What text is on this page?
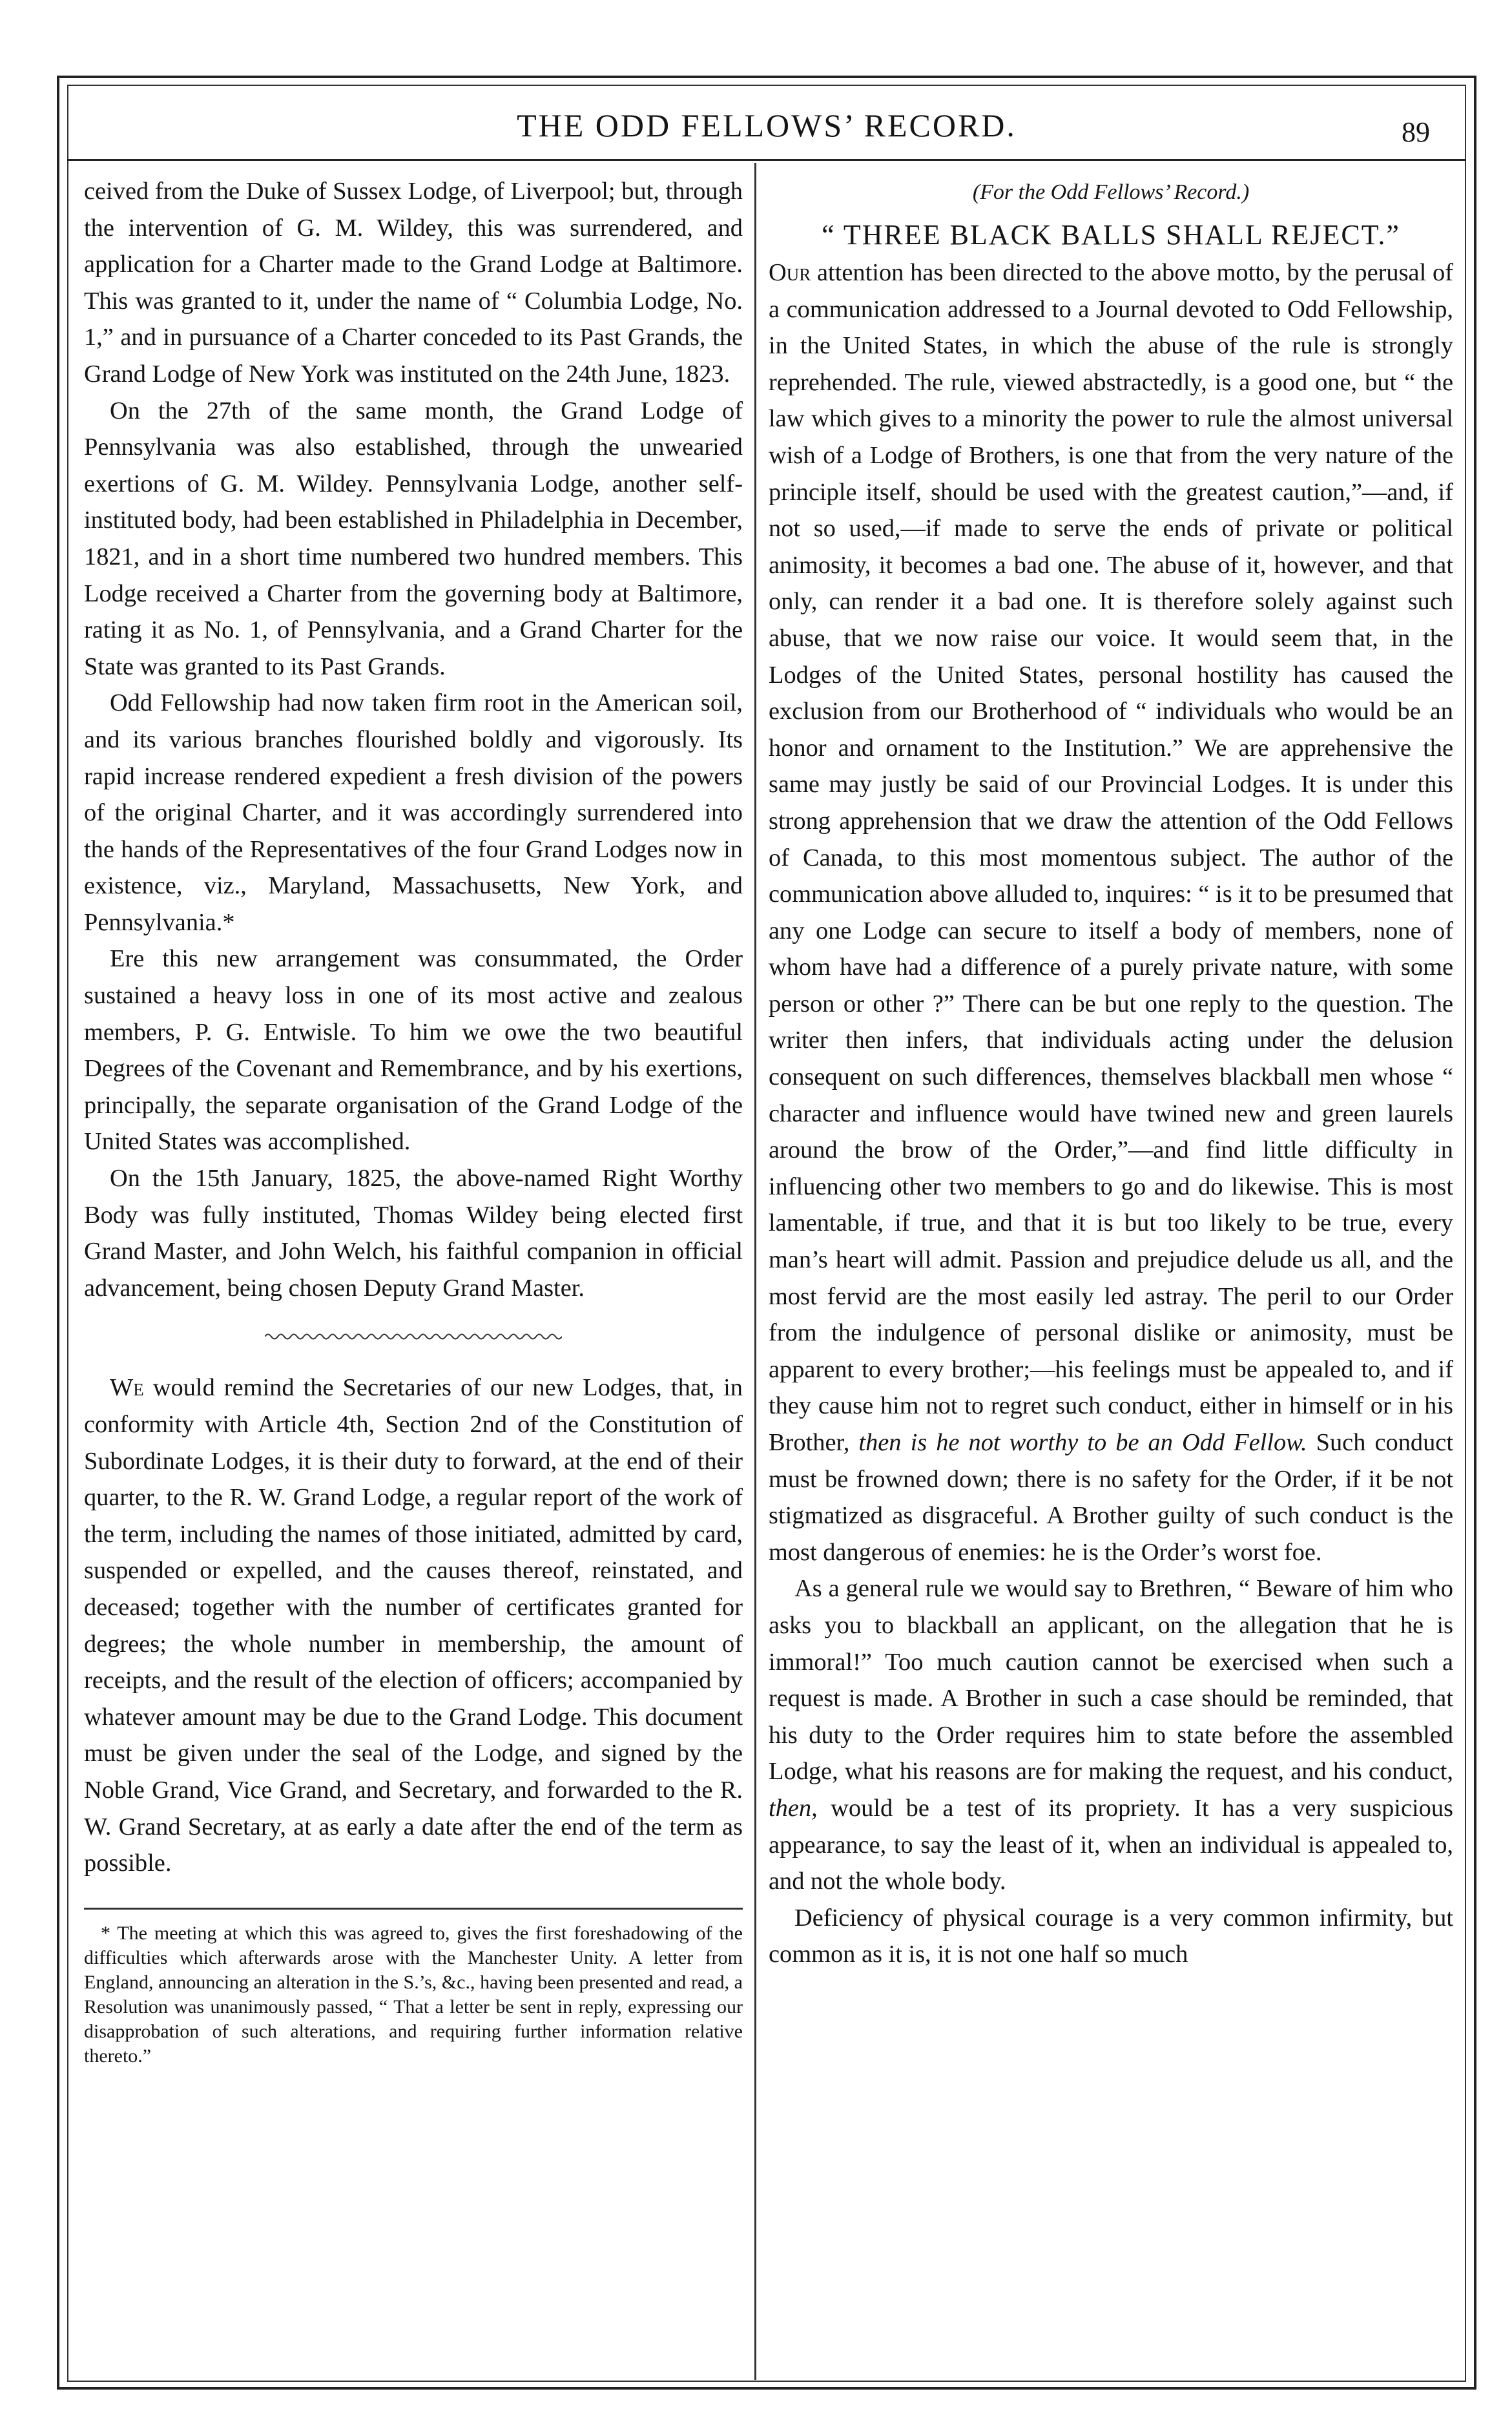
THE ODD FELLOWS’ RECORD.	89

ceived from the Duke of Sussex Lodge, of Liverpool; but, through the intervention of G. M. Wildey, this was surrendered, and application for a Charter made to the Grand Lodge at Baltimore. This was granted to it, under the name of “ Columbia Lodge, No. 1,” and in pursuance of a Charter conceded to its Past Grands, the Grand Lodge of New York was instituted on the 24th June, 1823.

On the 27th of the same month, the Grand Lodge of Pennsylvania was also established, through the unwearied exertions of G. M. Wildey. Pennsylvania Lodge, another self-instituted body, had been established in Philadelphia in December, 1821, and in a short time numbered two hundred members. This Lodge received a Charter from the governing body at Baltimore, rating it as No. 1, of Pennsylvania, and a Grand Charter for the State was granted to its Past Grands.

Odd Fellowship had now taken firm root in the American soil, and its various branches flourished boldly and vigorously. Its rapid increase rendered expedient a fresh division of the powers of the original Charter, and it was accordingly surrendered into the hands of the Representatives of the four Grand Lodges now in existence, viz., Maryland, Massachusetts, New York, and Pennsylvania.*

Ere this new arrangement was consummated, the Order sustained a heavy loss in one of its most active and zealous members, P. G. Entwisle. To him we owe the two beautiful Degrees of the Covenant and Remembrance, and by his exertions, principally, the separate organisation of the Grand Lodge of the United States was accomplished.

On the 15th January, 1825, the above-named Right Worthy Body was fully instituted, Thomas Wildey being elected first Grand Master, and John Welch, his faithful companion in official advancement, being chosen Deputy Grand Master.

We would remind the Secretaries of our new Lodges, that, in conformity with Article 4th, Section 2nd of the Constitution of Subordinate Lodges, it is their duty to forward, at the end of their quarter, to the R. W. Grand Lodge, a regular report of the work of the term, including the names of those initiated, admitted by card, suspended or expelled, and the causes thereof, reinstated, and deceased; together with the number of certificates granted for degrees; the whole number in membership, the amount of receipts, and the result of the election of officers; accompanied by whatever amount may be due to the Grand Lodge. This document must be given under the seal of the Lodge, and signed by the Noble Grand, Vice Grand, and Secretary, and forwarded to the R. W. Grand Secretary, at as early a date after the end of the term as possible.

* The meeting at which this was agreed to, gives the first foreshadowing of the difficulties which afterwards arose with the Manchester Unity. A letter from England, announcing an alteration in the S.’s, &c., having been presented and read, a Resolution was unanimously passed, “ That a letter be sent in reply, expressing our disapprobation of such alterations, and requiring further information relative thereto.”

(For the Odd Fellows’ Record.)
“ THREE BLACK BALLS SHALL REJECT.”

Our attention has been directed to the above motto, by the perusal of a communication addressed to a Journal devoted to Odd Fellowship, in the United States, in which the abuse of the rule is strongly reprehended. The rule, viewed abstractedly, is a good one, but “ the law which gives to a minority the power to rule the almost universal wish of a Lodge of Brothers, is one that from the very nature of the principle itself, should be used with the greatest caution,”—and, if not so used,—if made to serve the ends of private or political animosity, it becomes a bad one. The abuse of it, however, and that only, can render it a bad one. It is therefore solely against such abuse, that we now raise our voice. It would seem that, in the Lodges of the United States, personal hostility has caused the exclusion from our Brotherhood of “ individuals who would be an honor and ornament to the Institution.” We are apprehensive the same may justly be said of our Provincial Lodges. It is under this strong apprehension that we draw the attention of the Odd Fellows of Canada, to this most momentous subject. The author of the communication above alluded to, inquires: “ is it to be presumed that any one Lodge can secure to itself a body of members, none of whom have had a difference of a purely private nature, with some person or other ?” There can be but one reply to the question. The writer then infers, that individuals acting under the delusion consequent on such differences, themselves blackball men whose “ character and influence would have twined new and green laurels around the brow of the Order,”—and find little difficulty in influencing other two members to go and do likewise. This is most lamentable, if true, and that it is but too likely to be true, every man’s heart will admit. Passion and prejudice delude us all, and the most fervid are the most easily led astray. The peril to our Order from the indulgence of personal dislike or animosity, must be apparent to every brother;—his feelings must be appealed to, and if they cause him not to regret such conduct, either in himself or in his Brother, then is he not worthy to be an Odd Fellow. Such conduct must be frowned down; there is no safety for the Order, if it be not stigmatized as disgraceful. A Brother guilty of such conduct is the most dangerous of enemies: he is the Order’s worst foe.

As a general rule we would say to Brethren, “ Beware of him who asks you to blackball an applicant, on the allegation that he is immoral!” Too much caution cannot be exercised when such a request is made. A Brother in such a case should be reminded, that his duty to the Order requires him to state before the assembled Lodge, what his reasons are for making the request, and his conduct, then, would be a test of its propriety. It has a very suspicious appearance, to say the least of it, when an individual is appealed to, and not the whole body.

Deficiency of physical courage is a very common infirmity, but common as it is, it is not one half so much
